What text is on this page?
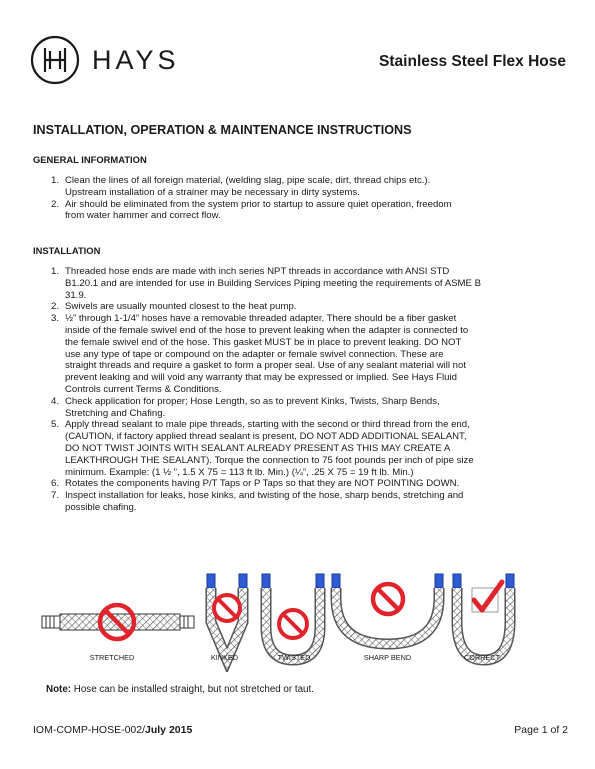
HAYS	Stainless Steel Flex Hose
INSTALLATION, OPERATION & MAINTENANCE INSTRUCTIONS
GENERAL INFORMATION
1. Clean the lines of all foreign material, (welding slag, pipe scale, dirt, thread chips etc.).
Upstream installation of a strainer may be necessary in dirty systems.
2. Air should be eliminated from the system prior to startup to assure quiet operation, freedom
from water hammer and correct flow.
INSTALLATION
1. Threaded hose ends are made with inch series NPT threads in accordance with ANSI STD
B1.20.1 and are intended for use in Building Services Piping meeting the requirements of ASME B
31.9.
2. Swivels are usually mounted closest to the heat pump.
3. ½” through 1-1/4” hoses have a removable threaded adapter. There should be a fiber gasket
inside of the female swivel end of the hose to prevent leaking when the adapter is connected to
the female swivel end of the hose. This gasket MUST be in place to prevent leaking. DO NOT
use any type of tape or compound on the adapter or female swivel connection. These are
straight threads and require a gasket to form a proper seal. Use of any sealant material will not
prevent leaking and will void any warranty that may be expressed or implied. See Hays Fluid
Controls current Terms & Conditions.
4. Check application for proper; Hose Length, so as to prevent Kinks, Twists, Sharp Bends,
Stretching and Chafing.
5. Apply thread sealant to male pipe threads, starting with the second or third thread from the end,
(CAUTION, if factory applied thread sealant is present, DO NOT ADD ADDITIONAL SEALANT,
DO NOT TWIST JOINTS WITH SEALANT ALREADY PRESENT AS THIS MAY CREATE A
LEAKTHROUGH THE SEALANT). Torque the connection to 75 foot pounds per inch of pipe size
minimum. Example: (1 ½ ”, 1.5 X 75 = 113 ft lb. Min.) (¼”, .25 X 75 = 19 ft lb. Min.)
6. Rotates the components having P/T Taps or P Taps so that they are NOT POINTING DOWN.
7. Inspect installation for leaks, hose kinks, and twisting of the hose, sharp bends, stretching and
possible chafing.
STRETCHED	KINKED	TWISTED	SHARP BEND	CORRECT
Note: Hose can be installed straight, but not stretched or taut.
IOM-COMP-HOSE-002/July 2015	Page 1 of 2
